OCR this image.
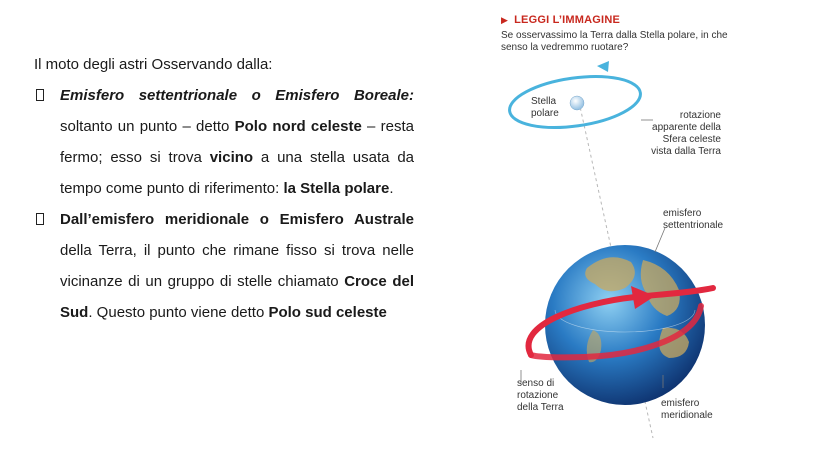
Il moto degli astri Osservando dalla:

Emisfero settentrionale o Emisfero Boreale: soltanto un punto – detto Polo nord celeste – resta fermo; esso si trova vicino a una stella usata da tempo come punto di riferimento: la Stella polare.
Dall’emisfero meridionale o Emisfero Australe della Terra, il punto che rimane fisso si trova nelle vicinanze di un gruppo di stelle chiamato Croce del Sud. Questo punto viene detto Polo sud celeste
▶ LEGGI L’IMMAGINE
Se osservassimo la Terra dalla Stella polare, in che senso la vedremmo ruotare?
Stella polare	rotazione apparente della Sfera celeste vista dalla Terra
emisfero settentrionale
senso di rotazione della Terra	emisfero meridionale
